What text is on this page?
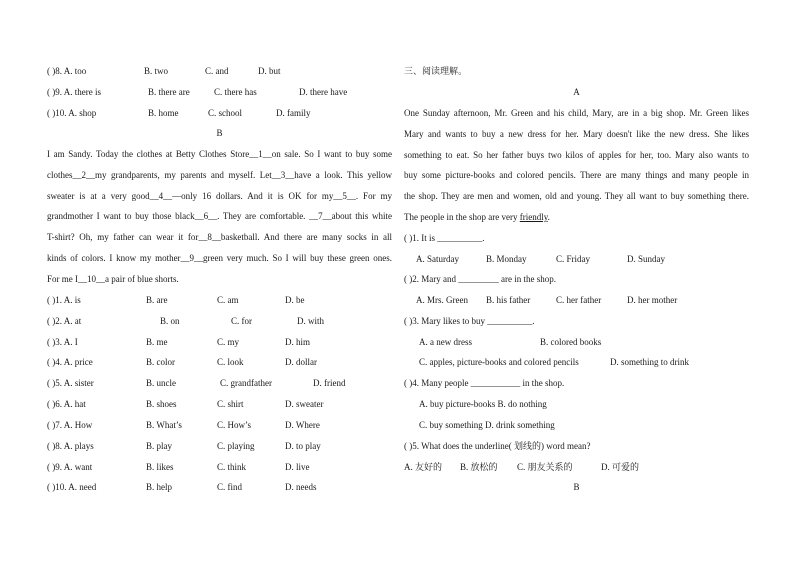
( )8. A. too	B. two	C. and	D. but
( )9. A. there is	B. there are	C. there has	D. there have
( )10. A. shop	B. home	C. school	D. family
B
I am Sandy. Today the clothes at Betty Clothes Store__1__on sale. So I want to buy some
clothes__2__my grandparents, my parents and myself. Let__3__have a look. This yellow
sweater is at a very good__4__—only 16 dollars. And it is OK for my__5__. For my
grandmother I want to buy those black__6__. They are comfortable. __7__about this white
T-shirt? Oh, my father can wear it for__8__basketball. And there are many socks in all
kinds of colors. I know my mother__9__green very much. So I will buy these green ones.
For me I__10__a pair of blue shorts.
( )1. A. is	B. are	C. am	D. be
( )2. A. at	B. on	C. for	D. with
( )3. A. I	B. me	C. my	D. him
( )4. A. price	B. color	C. look	D. dollar
( )5. A. sister	B. uncle	C. grandfather	D. friend
( )6. A. hat	B. shoes	C. shirt	D. sweater
( )7. A. How	B. What’s	C. How’s	D. Where
( )8. A. plays	B. play	C. playing	D. to play
( )9. A. want	B. likes	C. think	D. live
( )10. A. need	B. help	C. find	D. needs
三、阅读理解。
A
One Sunday afternoon, Mr. Green and his child, Mary, are in a big shop. Mr. Green likes
Mary and wants to buy a new dress for her. Mary doesn't like the new dress. She likes
something to eat. So her father buys two kilos of apples for her, too. Mary also wants to
buy some picture-books and colored pencils. There are many things and many people in
the shop. They are men and women, old and young. They all want to buy something there.
The people in the shop are very friendly.
( )1. It is __________.
A. Saturday	B. Monday	C. Friday	D. Sunday
( )2. Mary and _________ are in the shop.
A. Mrs. Green B. his father	C. her father	D. her mother
( )3. Mary likes to buy __________.
A. a new dress	B. colored books
C. apples, picture-books and colored pencils	D. something to drink
( )4. Many people ___________ in the shop.
A. buy picture-books B. do nothing
C. buy something D. drink something
( )5. What does the underline( 划线的) word mean?
A. 友好的 B. 放松的 C. 朋友关系的	D. 可爱的
B
